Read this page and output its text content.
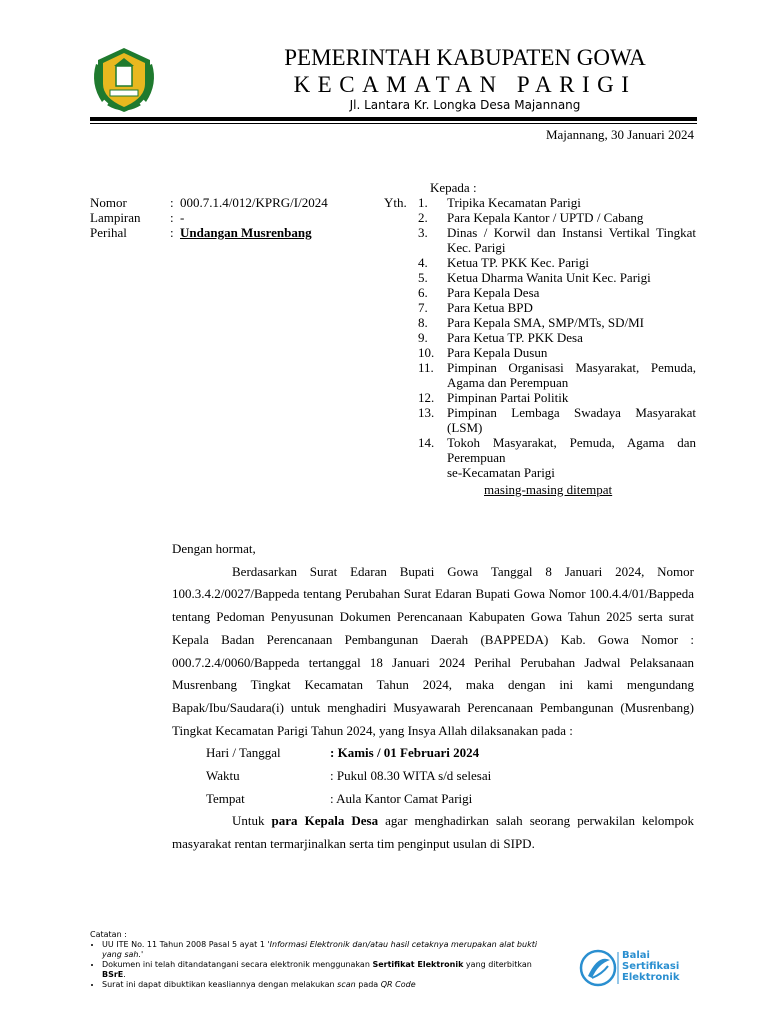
PEMERINTAH KABUPATEN GOWA
KECAMATAN PARIGI
Jl. Lantara Kr. Longka Desa Majannang
Majannang, 30 Januari 2024
Nomor	: 000.7.1.4/012/KPRG/I/2024
Lampiran	: -
Perihal	: Undangan Musrenbang
Kepada :
Yth. 1.	Tripika Kecamatan Parigi
2.	Para Kepala Kantor / UPTD / Cabang
3.	Dinas / Korwil dan Instansi Vertikal Tingkat Kec. Parigi
4.	Ketua TP. PKK Kec. Parigi
5.	Ketua Dharma Wanita Unit Kec. Parigi
6.	Para Kepala Desa
7.	Para Ketua BPD
8.	Para Kepala SMA, SMP/MTs, SD/MI
9.	Para Ketua TP. PKK Desa
10. Para Kepala Dusun
11.	Pimpinan Organisasi Masyarakat, Pemuda, Agama dan Perempuan
12. Pimpinan Partai Politik
13. Pimpinan Lembaga Swadaya Masyarakat (LSM)
14. Tokoh Masyarakat, Pemuda, Agama dan Perempuan
se-Kecamatan Parigi
masing-masing ditempat

Dengan hormat,

Berdasarkan Surat Edaran Bupati Gowa Tanggal 8 Januari 2024, Nomor 100.3.4.2/0027/Bappeda tentang Perubahan Surat Edaran Bupati Gowa Nomor 100.4.4/01/Bappeda tentang Pedoman Penyusunan Dokumen Perencanaan Kabupaten Gowa Tahun 2025 serta surat Kepala Badan Perencanaan Pembangunan Daerah (BAPPEDA) Kab. Gowa Nomor : 000.7.2.4/0060/Bappeda tertanggal 18 Januari 2024 Perihal Perubahan Jadwal Pelaksanaan Musrenbang Tingkat Kecamatan Tahun 2024, maka dengan ini kami mengundang Bapak/Ibu/Saudara(i) untuk menghadiri Musyawarah Perencanaan Pembangunan (Musrenbang) Tingkat Kecamatan Parigi Tahun 2024, yang Insya Allah dilaksanakan pada :

Hari / Tanggal	: Kamis / 01 Februari 2024
Waktu	: Pukul 08.30 WITA s/d selesai
Tempat	: Aula Kantor Camat Parigi

Untuk para Kepala Desa agar menghadirkan salah seorang perwakilan kelompok masyarakat rentan termarjinalkan serta tim penginput usulan di SIPD.

Catatan :
• UU ITE No. 11 Tahun 2008 Pasal 5 ayat 1 'Informasi Elektronik dan/atau hasil cetaknya merupakan alat bukti yang sah.'
• Dokumen ini telah ditandatangani secara elektronik menggunakan Sertifikat Elektronik yang diterbitkan BSrE.
• Surat ini dapat dibuktikan keasliannya dengan melakukan scan pada QR Code
Balai
Sertifikasi
Elektronik
